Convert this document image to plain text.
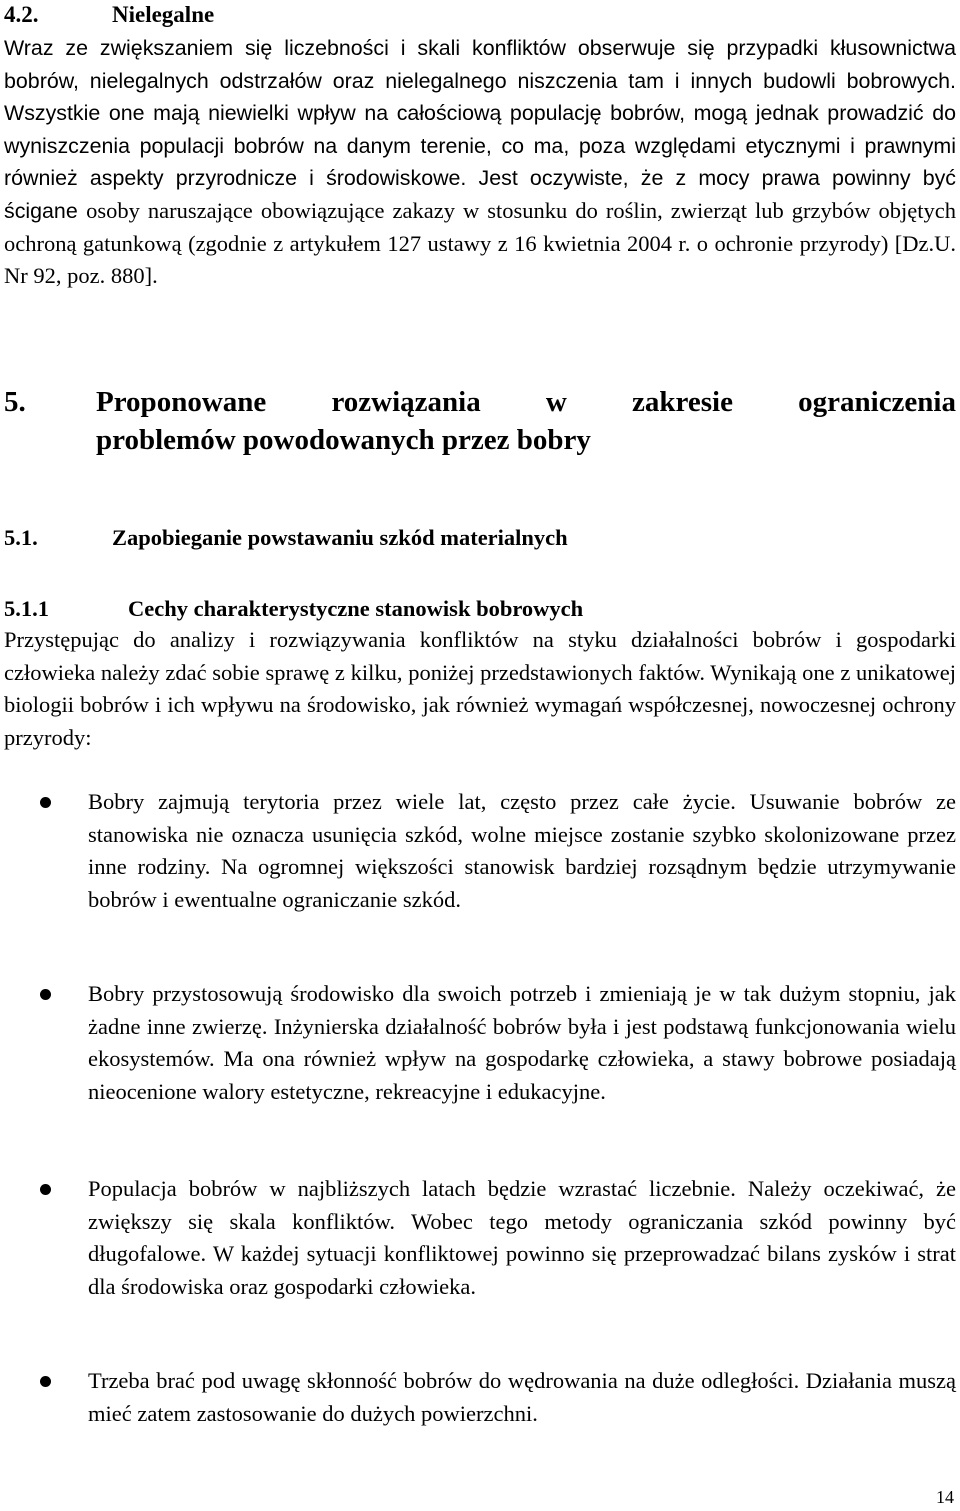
4.2.	Nielegalne
Wraz ze zwiększaniem się liczebności i skali konfliktów obserwuje się przypadki kłusownictwa bobrów, nielegalnych odstrzałów oraz nielegalnego niszczenia tam i innych budowli bobrowych. Wszystkie one mają niewielki wpływ na całościową populację bobrów, mogą jednak prowadzić do wyniszczenia populacji bobrów na danym terenie, co ma, poza względami etycznymi i prawnymi również aspekty przyrodnicze i środowiskowe. Jest oczywiste, że z mocy prawa powinny być ścigane osoby naruszające obowiązujące zakazy w stosunku do roślin, zwierząt lub grzybów objętych ochroną gatunkową (zgodnie z artykułem 127 ustawy z 16 kwietnia 2004 r. o ochronie przyrody) [Dz.U. Nr 92, poz. 880].
5. Proponowane rozwiązania w zakresie ograniczenia
problemów powodowanych przez bobry
5.1.	Zapobieganie powstawaniu szkód materialnych
5.1.1	Cechy charakterystyczne stanowisk bobrowych
Przystępując do analizy i rozwiązywania konfliktów na styku działalności bobrów i gospodarki człowieka należy zdać sobie sprawę z kilku, poniżej przedstawionych faktów. Wynikają one z unikatowej biologii bobrów i ich wpływu na środowisko, jak również wymagań współczesnej, nowoczesnej ochrony przyrody:
Bobry zajmują terytoria przez wiele lat, często przez całe życie. Usuwanie bobrów ze stanowiska nie oznacza usunięcia szkód, wolne miejsce zostanie szybko skolonizowane przez inne rodziny. Na ogromnej większości stanowisk bardziej rozsądnym będzie utrzymywanie bobrów i ewentualne ograniczanie szkód.
Bobry przystosowują środowisko dla swoich potrzeb i zmieniają je w tak dużym stopniu, jak żadne inne zwierzę. Inżynierska działalność bobrów była i jest podstawą funkcjonowania wielu ekosystemów. Ma ona również wpływ na gospodarkę człowieka, a stawy bobrowe posiadają nieocenione walory estetyczne, rekreacyjne i edukacyjne.
Populacja bobrów w najbliższych latach będzie wzrastać liczebnie. Należy oczekiwać, że zwiększy się skala konfliktów. Wobec tego metody ograniczania szkód powinny być długofalowe. W każdej sytuacji konfliktowej powinno się przeprowadzać bilans zysków i strat dla środowiska oraz gospodarki człowieka.
Trzeba brać pod uwagę skłonność bobrów do wędrowania na duże odległości. Działania muszą mieć zatem zastosowanie do dużych powierzchni.
14
